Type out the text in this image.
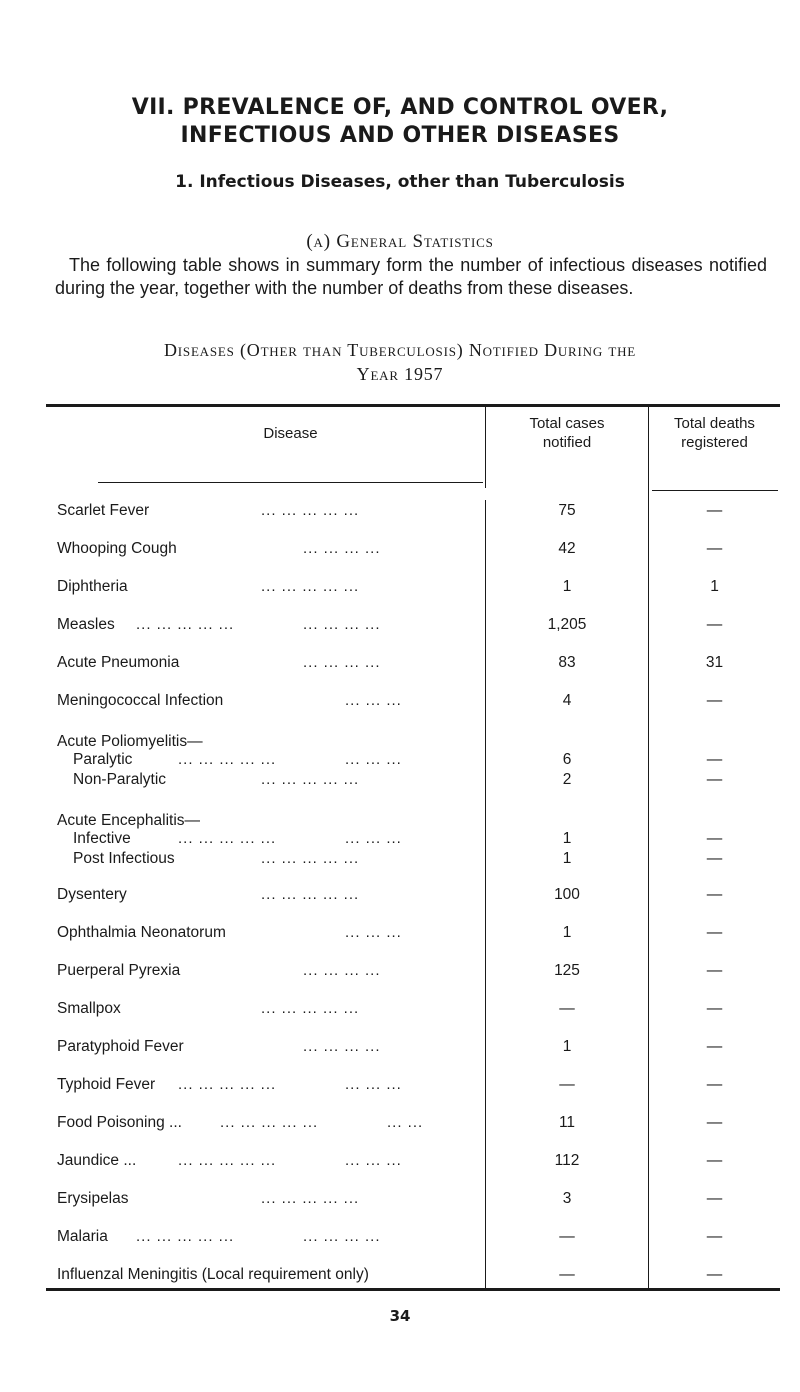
VII. PREVALENCE OF, AND CONTROL OVER,
INFECTIOUS AND OTHER DISEASES
1. Infectious Diseases, other than Tuberculosis
(a) General Statistics
The following table shows in summary form the number of infectious diseases notified during the year, together with the number of deaths from these diseases.
Diseases (Other than Tuberculosis) Notified During the
Year 1957
Disease
Total cases
notified
Total deaths
registered
Scarlet Fever	... ... ... ... ...	75	—
Whooping Cough	... ... ... ...	42	—
Diphtheria	... ... ... ... ...	1	1
Measles ... ... ... ... ...	... ... ... ...	1,205	—
Acute Pneumonia	... ... ... ...	83	31
Meningococcal Infection	... ... ...	4	—
Acute Poliomyelitis—
Paralytic	... ... ... ... ...	... ... ...	6	—
Non-Paralytic	... ... ... ... ...	2	—
Acute Encephalitis—
Infective	... ... ... ... ...	... ... ...	1	—
Post Infectious	... ... ... ... ...	1	—
Dysentery	... ... ... ... ...	100	—
Ophthalmia Neonatorum	... ... ...	1	—
Puerperal Pyrexia	... ... ... ...	125	—
Smallpox	... ... ... ... ...	—	—
Paratyphoid Fever	... ... ... ...	1	—
Typhoid Fever ... ... ... ... ...	... ... ...	—	—
Food Poisoning ...	... ... ... ... ...	... ...	11	—
Jaundice ...	... ... ... ... ...	... ... ...	112	—
Erysipelas	... ... ... ... ...	3	—
Malaria ... ... ... ... ...	... ... ... ...	—	—
Influenzal Meningitis (Local requirement only)	—	—
34
